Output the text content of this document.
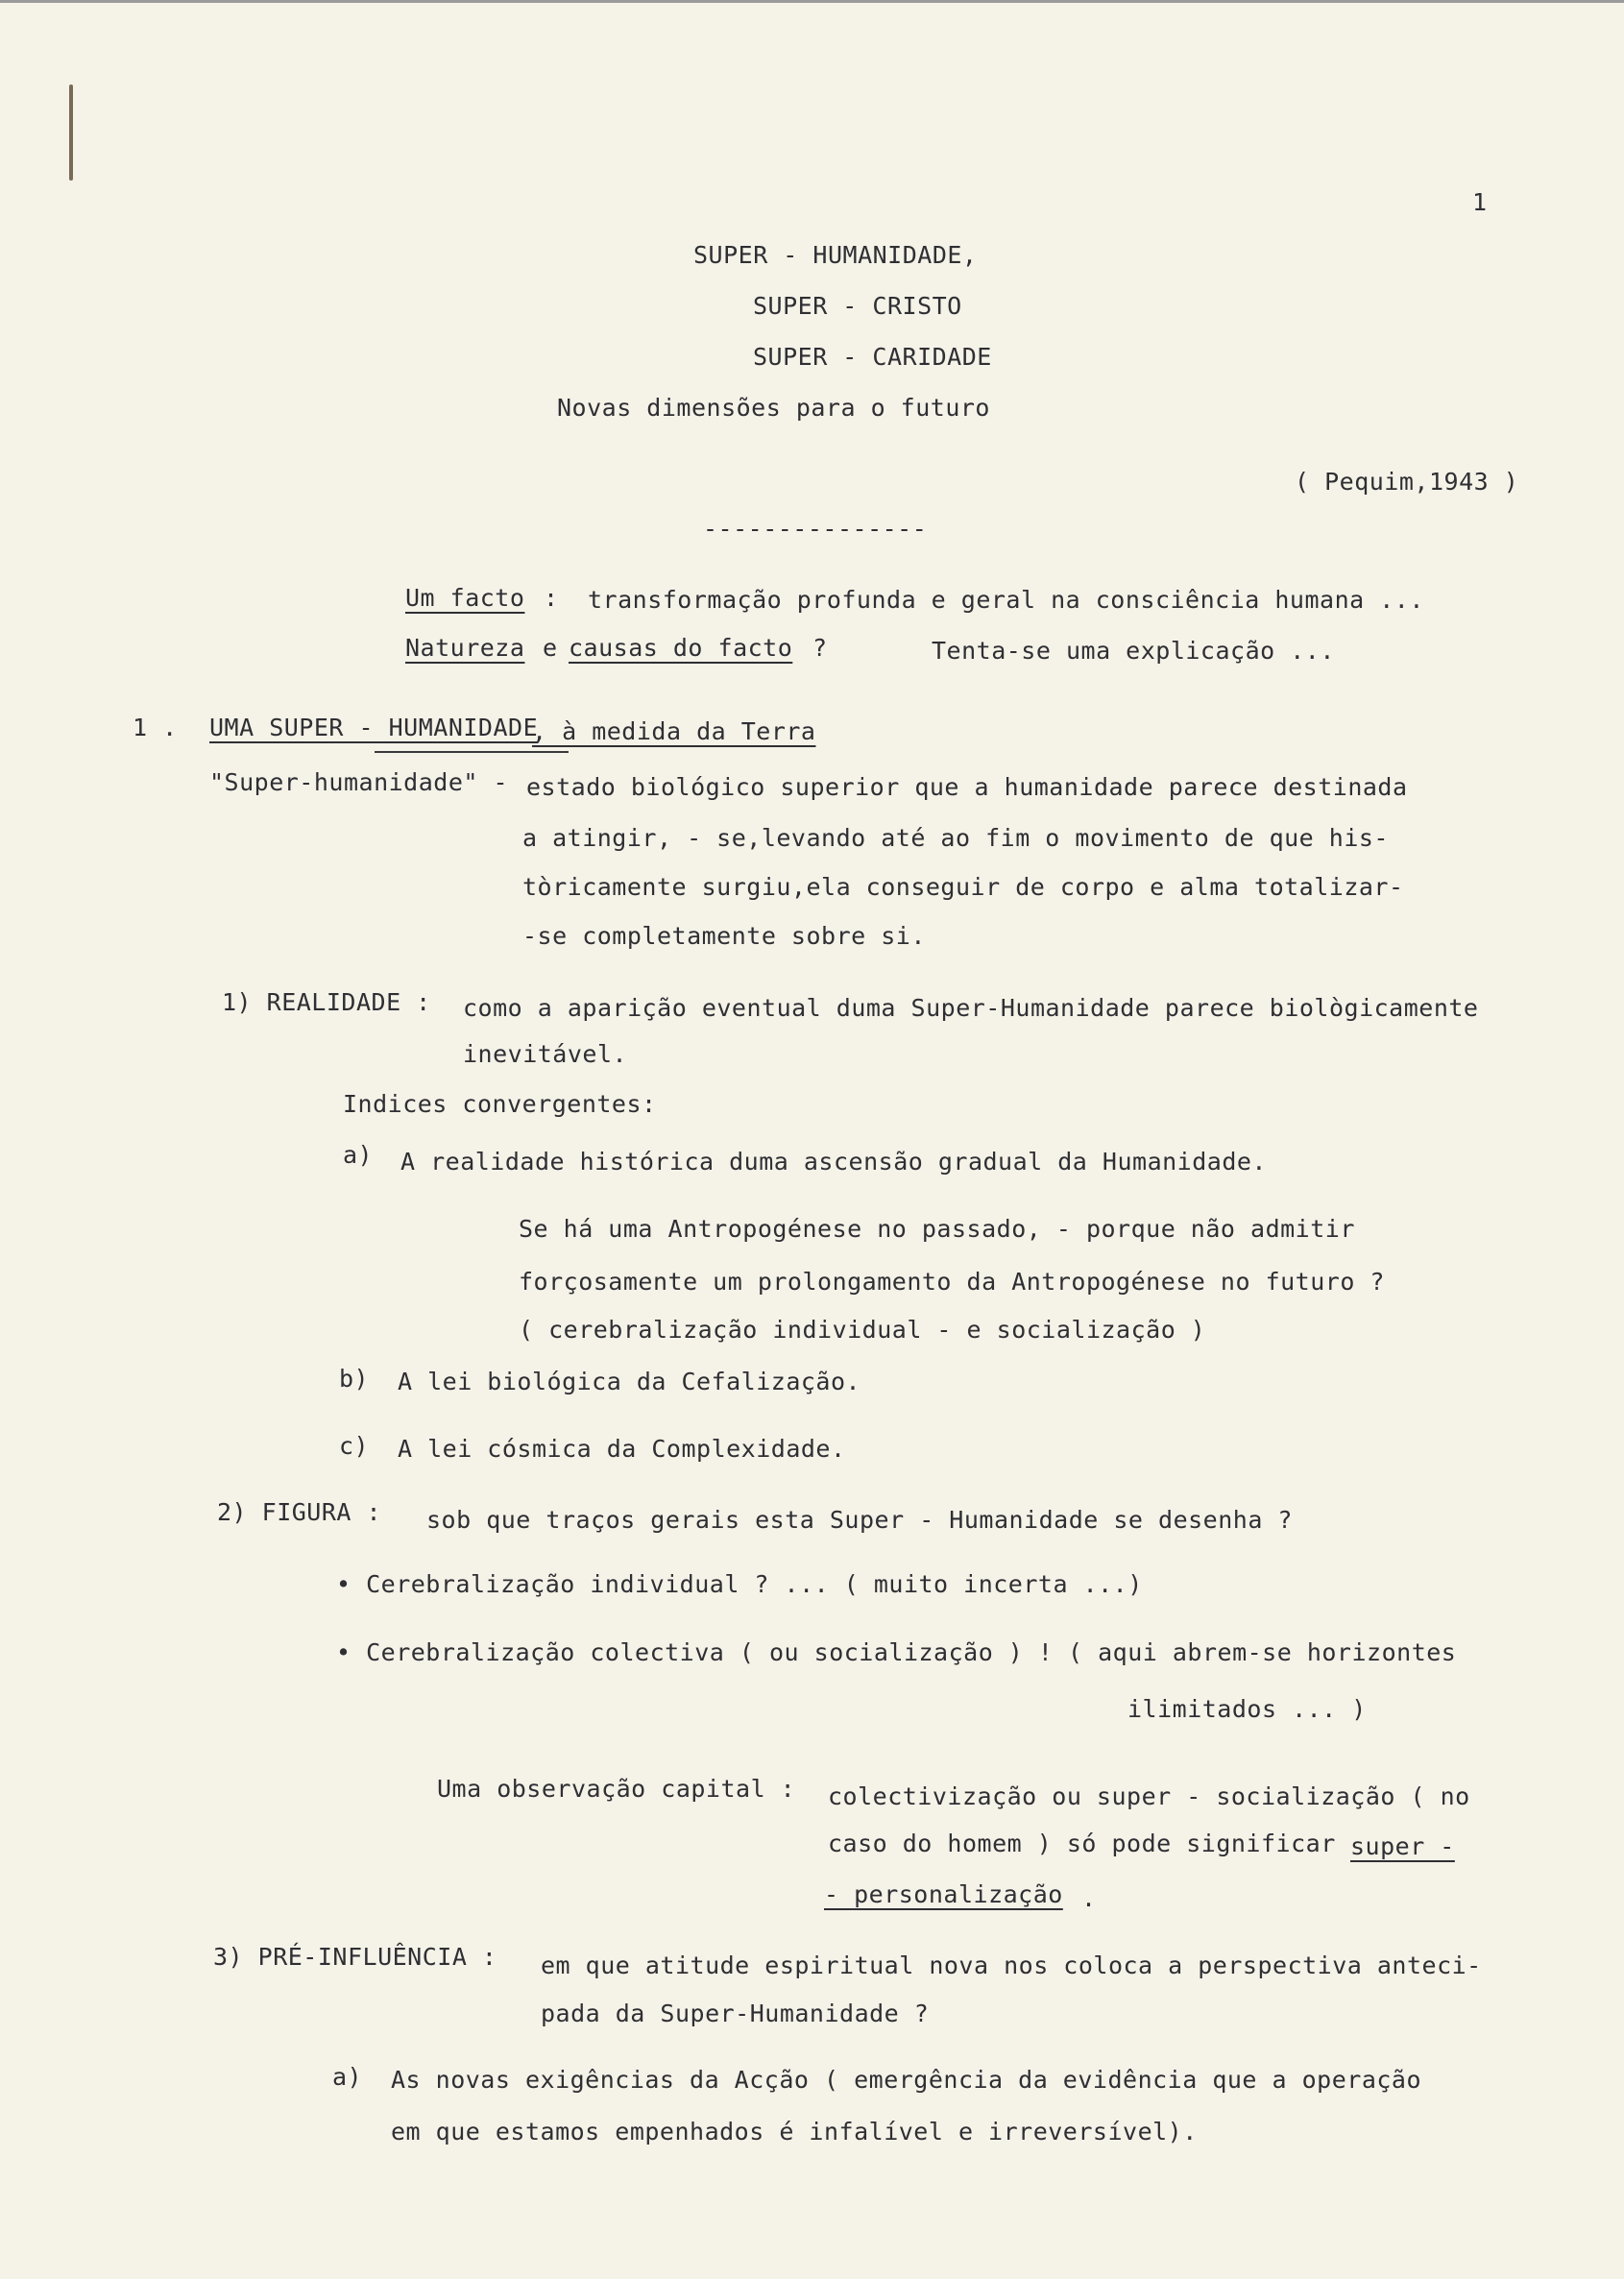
1
SUPER - HUMANIDADE,
SUPER - CRISTO
SUPER - CARIDADE
Novas dimensões para o futuro
( Pequim,1943 )
---------------
Um facto : transformação profunda e geral na consciência humana ...
Natureza e causas do facto ?	Tenta-se uma explicação ...
1 . UMA SUPER - HUMANIDADE
, à medida da Terra
"Super-humanidade" - estado biológico superior que a humanidade parece destinada
a atingir, - se,levando até ao fim o movimento de que his-
tòricamente surgiu,ela conseguir de corpo e alma totalizar-
-se completamente sobre si.
1) REALIDADE : como a aparição eventual duma Super-Humanidade parece biològicamente
inevitável.
Indices convergentes:
a) A realidade histórica duma ascensão gradual da Humanidade.
Se há uma Antropogénese no passado, - porque não admitir
forçosamente um prolongamento da Antropogénese no futuro ?
( cerebralização individual - e socialização )
b) A lei biológica da Cefalização.
c) A lei cósmica da Complexidade.
2) FIGURA : sob que traços gerais esta Super - Humanidade se desenha ?
• Cerebralização individual ? ... ( muito incerta ...)
• Cerebralização colectiva ( ou socialização ) ! ( aqui abrem-se horizontes
ilimitados ... )
Uma observação capital : colectivização ou super - socialização ( no
caso do homem ) só pode significar super -
- personalização .
3) PRÉ-INFLUÊNCIA : em que atitude espiritual nova nos coloca a perspectiva anteci-
pada da Super-Humanidade ?
a) As novas exigências da Acção ( emergência da evidência que a operação
em que estamos empenhados é infalível e irreversível).
